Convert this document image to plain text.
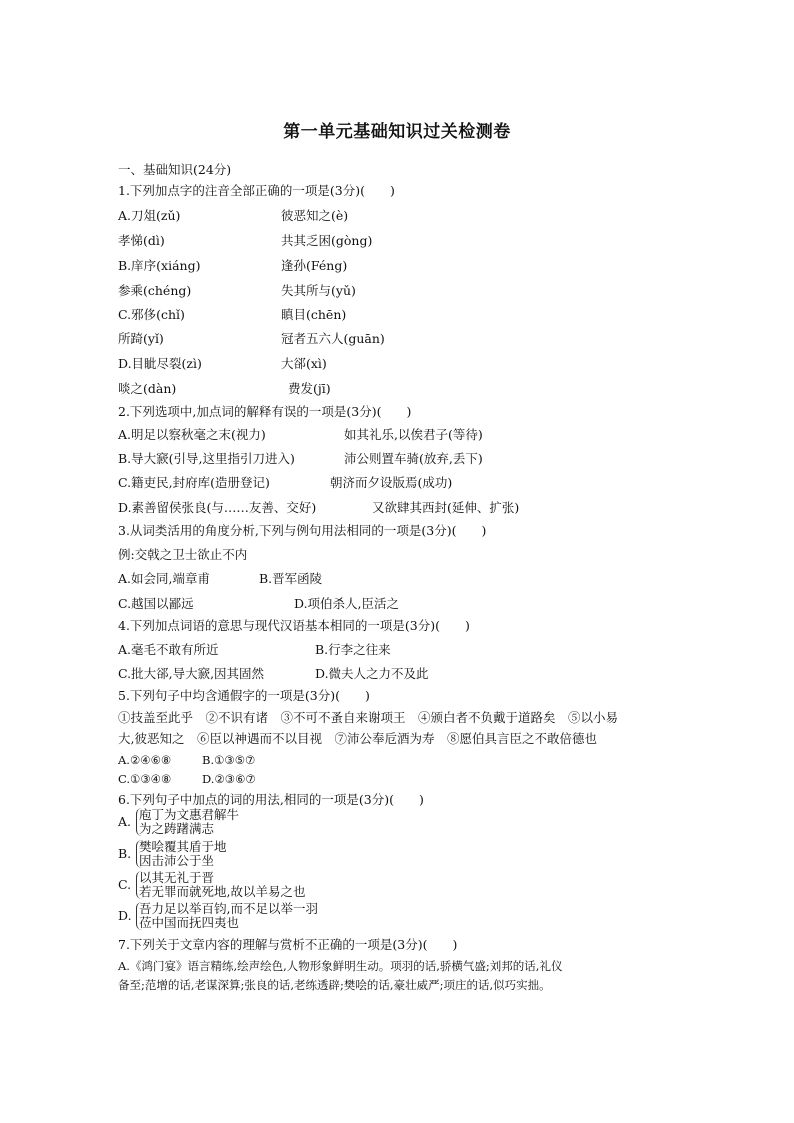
第一单元基础知识过关检测卷
一、基础知识(24分)
1.下列加点字的注音全部正确的一项是(3分)(　　)
A.刀俎(zǔ)	彼恶知之(è)
孝悌(dì)	共其乏困(gòng)
B.庠序(xiáng)	逢孙(Féng)
参乘(chéng)	失其所与(yǔ)
C.邪侈(chǐ)	瞋目(chēn)
所踦(yǐ)	冠者五六人(guān)
D.目眦尽裂(zì)	大郤(xì)
啖之(dàn)	费发(jī)
2.下列选项中,加点词的解释有误的一项是(3分)(　　)
A.明足以察秋毫之末(视力)	如其礼乐,以俟君子(等待)
B.导大窾(引导,这里指引刀进入)	沛公则置车骑(放弃,丢下)
C.籍吏民,封府库(造册登记)	朝济而夕设版焉(成功)
D.素善留侯张良(与……友善、交好)	又欲肆其西封(延伸、扩张)
3.从词类活用的角度分析,下列与例句用法相同的一项是(3分)(　　)
例:交戟之卫士欲止不内
A.如会同,端章甫	B.晋军函陵
C.越国以鄙远	D.项伯杀人,臣活之
4.下列加点词语的意思与现代汉语基本相同的一项是(3分)(　　)
A.毫毛不敢有所近	B.行李之往来
C.批大郤,导大窾,因其固然	D.微夫人之力不及此
5.下列句子中均含通假字的一项是(3分)(　　)
①技盖至此乎　②不识有诸　③不可不蚤自来谢项王　④颁白者不负戴于道路矣　⑤以小易
大,彼恶知之　⑥臣以神遇而不以目视　⑦沛公奉卮酒为寿　⑧愿伯具言臣之不敢倍德也
A.②④⑥⑧	B.①③⑤⑦
C.①③④⑧	D.②③⑥⑦
6.下列句子中加点的词的用法,相同的一项是(3分)(　　)
A. 庖丁为文惠君解牛
为之踌躇满志
B. 樊哙覆其盾于地
因击沛公于坐
C. 以其无礼于晋
若无罪而就死地,故以羊易之也
D. 吾力足以举百钧,而不足以举一羽
莅中国而抚四夷也
7.下列关于文章内容的理解与赏析不正确的一项是(3分)(　　)
A.《鸿门宴》语言精练,绘声绘色,人物形象鲜明生动。项羽的话,骄横气盛;刘邦的话,礼仪
备至;范增的话,老谋深算;张良的话,老练透辟;樊哙的话,豪壮威严;项庄的话,似巧实拙。
